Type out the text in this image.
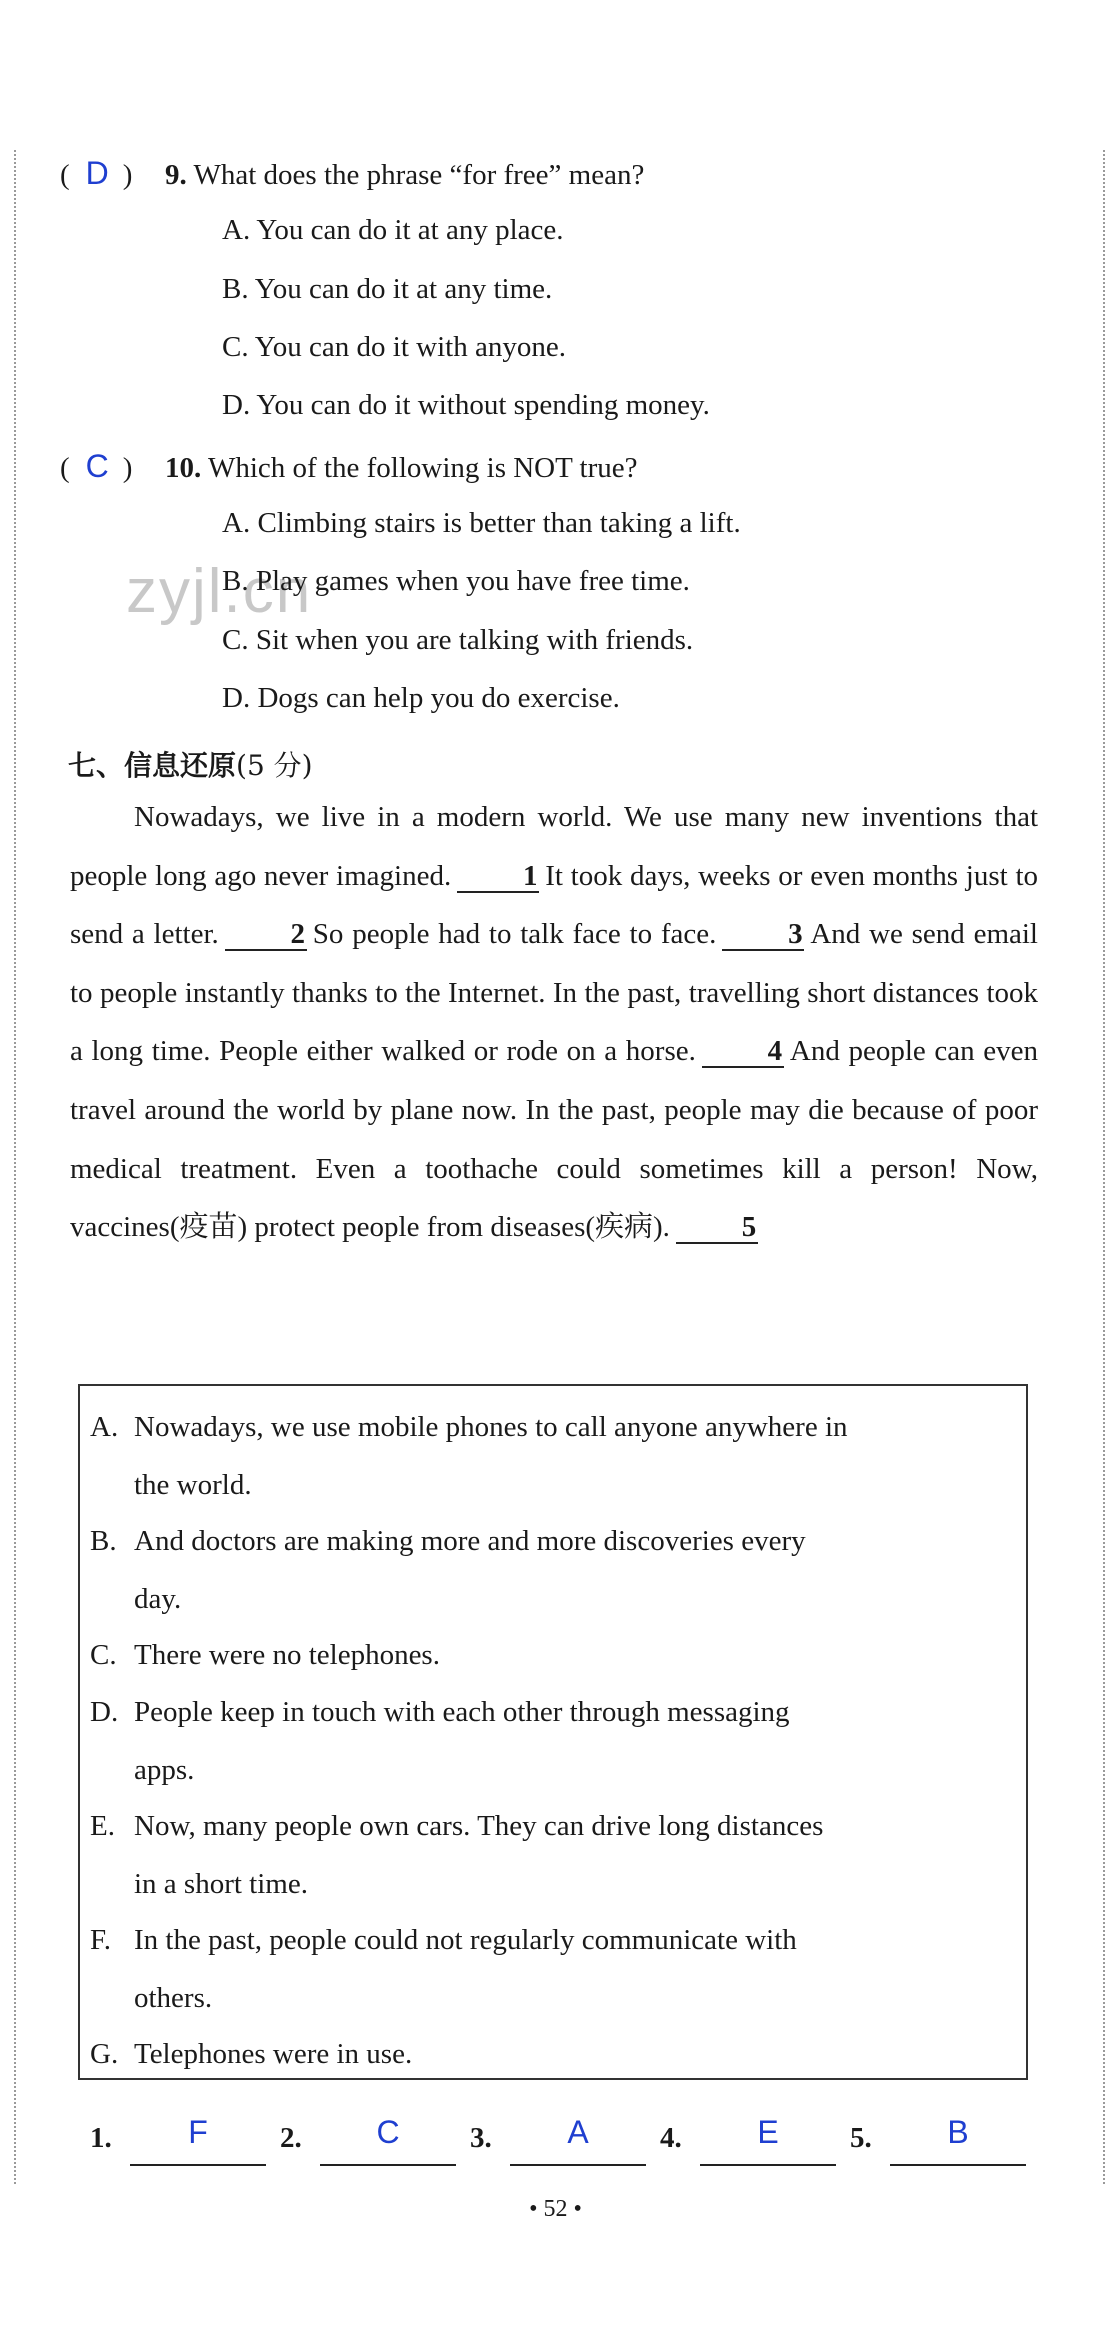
zyjl.cn
( D ) 9. What does the phrase “for free” mean?
A. You can do it at any place.
B. You can do it at any time.
C. You can do it with anyone.
D. You can do it without spending money.
( C ) 10. Which of the following is NOT true?
A. Climbing stairs is better than taking a lift.
B. Play games when you have free time.
C. Sit when you are talking with friends.
D. Dogs can help you do exercise.
七、信息还原(5 分)

Nowadays, we live in a modern world. We use many new inventions that people long ago never imagined. 1 It took days, weeks or even months just to send a letter. 2 So people had to talk face to face. 3 And we send email to people instantly thanks to the Internet. In the past, travelling short distances took a long time. People either walked or rode on a horse. 4 And people can even travel around the world by plane now. In the past, people may die because of poor medical treatment. Even a toothache could sometimes kill a person! Now, vaccines(疫苗) protect people from diseases(疾病). 5

A. Nowadays, we use mobile phones to call anyone anywhere in
the world.
B. And doctors are making more and more discoveries every
day.
C. There were no telephones.
D. People keep in touch with each other through messaging
apps.
E. Now, many people own cars. They can drive long distances
in a short time.
F. In the past, people could not regularly communicate with
others.
G. Telephones were in use.
1.	F	2.	C	3.	A	4.	E	5.	B
• 52 •
